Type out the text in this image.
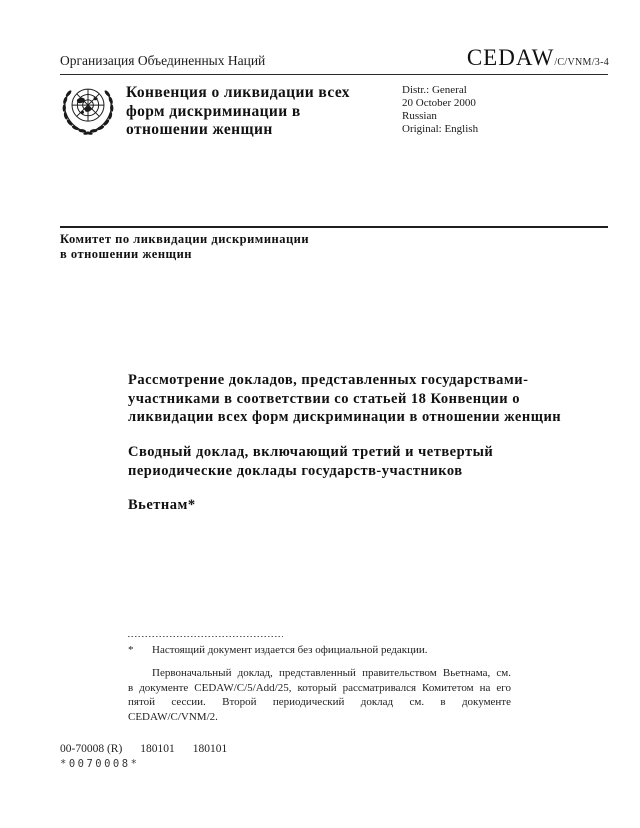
Организация Объединенных Наций	CEDAW /C/VNM/3-4
Конвенция о ликвидации всех
форм дискриминации в
отношении женщин
Distr.: General
20 October 2000
Russian
Original: English
Комитет по ликвидации дискриминации
в отношении женщин
Рассмотрение докладов, представленных государствами-
участниками в соответствии со статьей 18 Конвенции о
ликвидации всех форм дискриминации в отношении женщин
Сводный доклад, включающий третий и четвертый
периодические доклады государств-участников
Вьетнам*
* Настоящий документ издается без официальной редакции.
Первоначальный доклад, представленный правительством Вьетнама, см.
в документе CEDAW/C/5/Add/25, который рассматривался Комитетом на его
пятой сессии. Второй периодический доклад см. в документе
CEDAW/C/VNM/2.
00-70008 (R) 180101 180101
*0070008*
